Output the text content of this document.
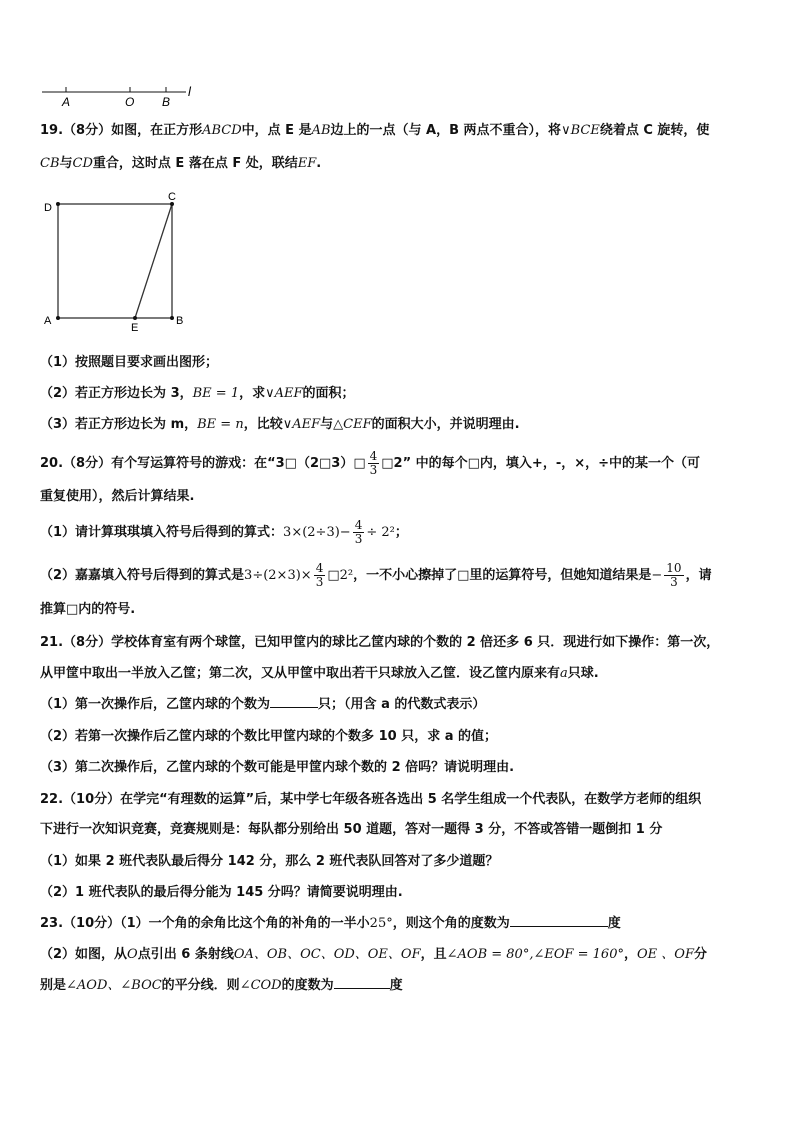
A	O B
l
19.（8分）如图，在正方形ABCD中，点 E 是AB边上的一点（与 A，B 两点不重合），将∨BCE绕着点 C 旋转，使
CB与CD重合，这时点 E 落在点 F 处，联结EF.
D
C
A
E
B
（1）按照题目要求画出图形；
（2）若正方形边长为 3，BE = 1，求∨AEF的面积；
（3）若正方形边长为 m，BE = n，比较∨AEF与△CEF的面积大小，并说明理由.
20.（8分）有个写运算符号的游戏：在“3□（2□3）□ $\frac{4}{3}$ □2” 中的每个□内，填入+，-，×，÷中的某一个（可
重复使用），然后计算结果.
（1）请计算琪琪填入符号后得到的算式：$3\times(2\div 3)- \frac{4}{3} \div 2^2$；
（2）嘉嘉填入符号后得到的算式是$3\div(2\times 3)\times \frac{4}{3}$ □2²，一不小心擦掉了□里的运算符号，但她知道结果是− $\frac{10}{3}$ ，请
推算□内的符号.
21.（8分）学校体育室有两个球筐，已知甲筐内的球比乙筐内球的个数的 2 倍还多 6 只．现进行如下操作：第一次，
从甲筐中取出一半放入乙筐；第二次，又从甲筐中取出若干只球放入乙筐．设乙筐内原来有a只球.
（1）第一次操作后，乙筐内球的个数为	只；（用含 a 的代数式表示）
（2）若第一次操作后乙筐内球的个数比甲筐内球的个数多 10 只，求 a 的值；
（3）第二次操作后，乙筐内球的个数可能是甲筐内球个数的 2 倍吗？请说明理由.
22.（10分）在学完“有理数的运算”后，某中学七年级各班各选出 5 名学生组成一个代表队，在数学方老师的组织
下进行一次知识竞赛，竞赛规则是：每队都分别给出 50 道题，答对一题得 3 分，不答或答错一题倒扣 1 分
（1）如果 2 班代表队最后得分 142 分，那么 2 班代表队回答对了多少道题？
（2）1 班代表队的最后得分能为 145 分吗？请简要说明理由.
23.（10分）（1）一个角的余角比这个角的补角的一半小25°，则这个角的度数为	度
（2）如图，从O点引出 6 条射线OA、OB、OC、OD、OE、OF，且∠AOB = 80°,∠EOF = 160°，OE 、OF分
别是∠AOD、∠BOC的平分线．则∠COD的度数为	度
